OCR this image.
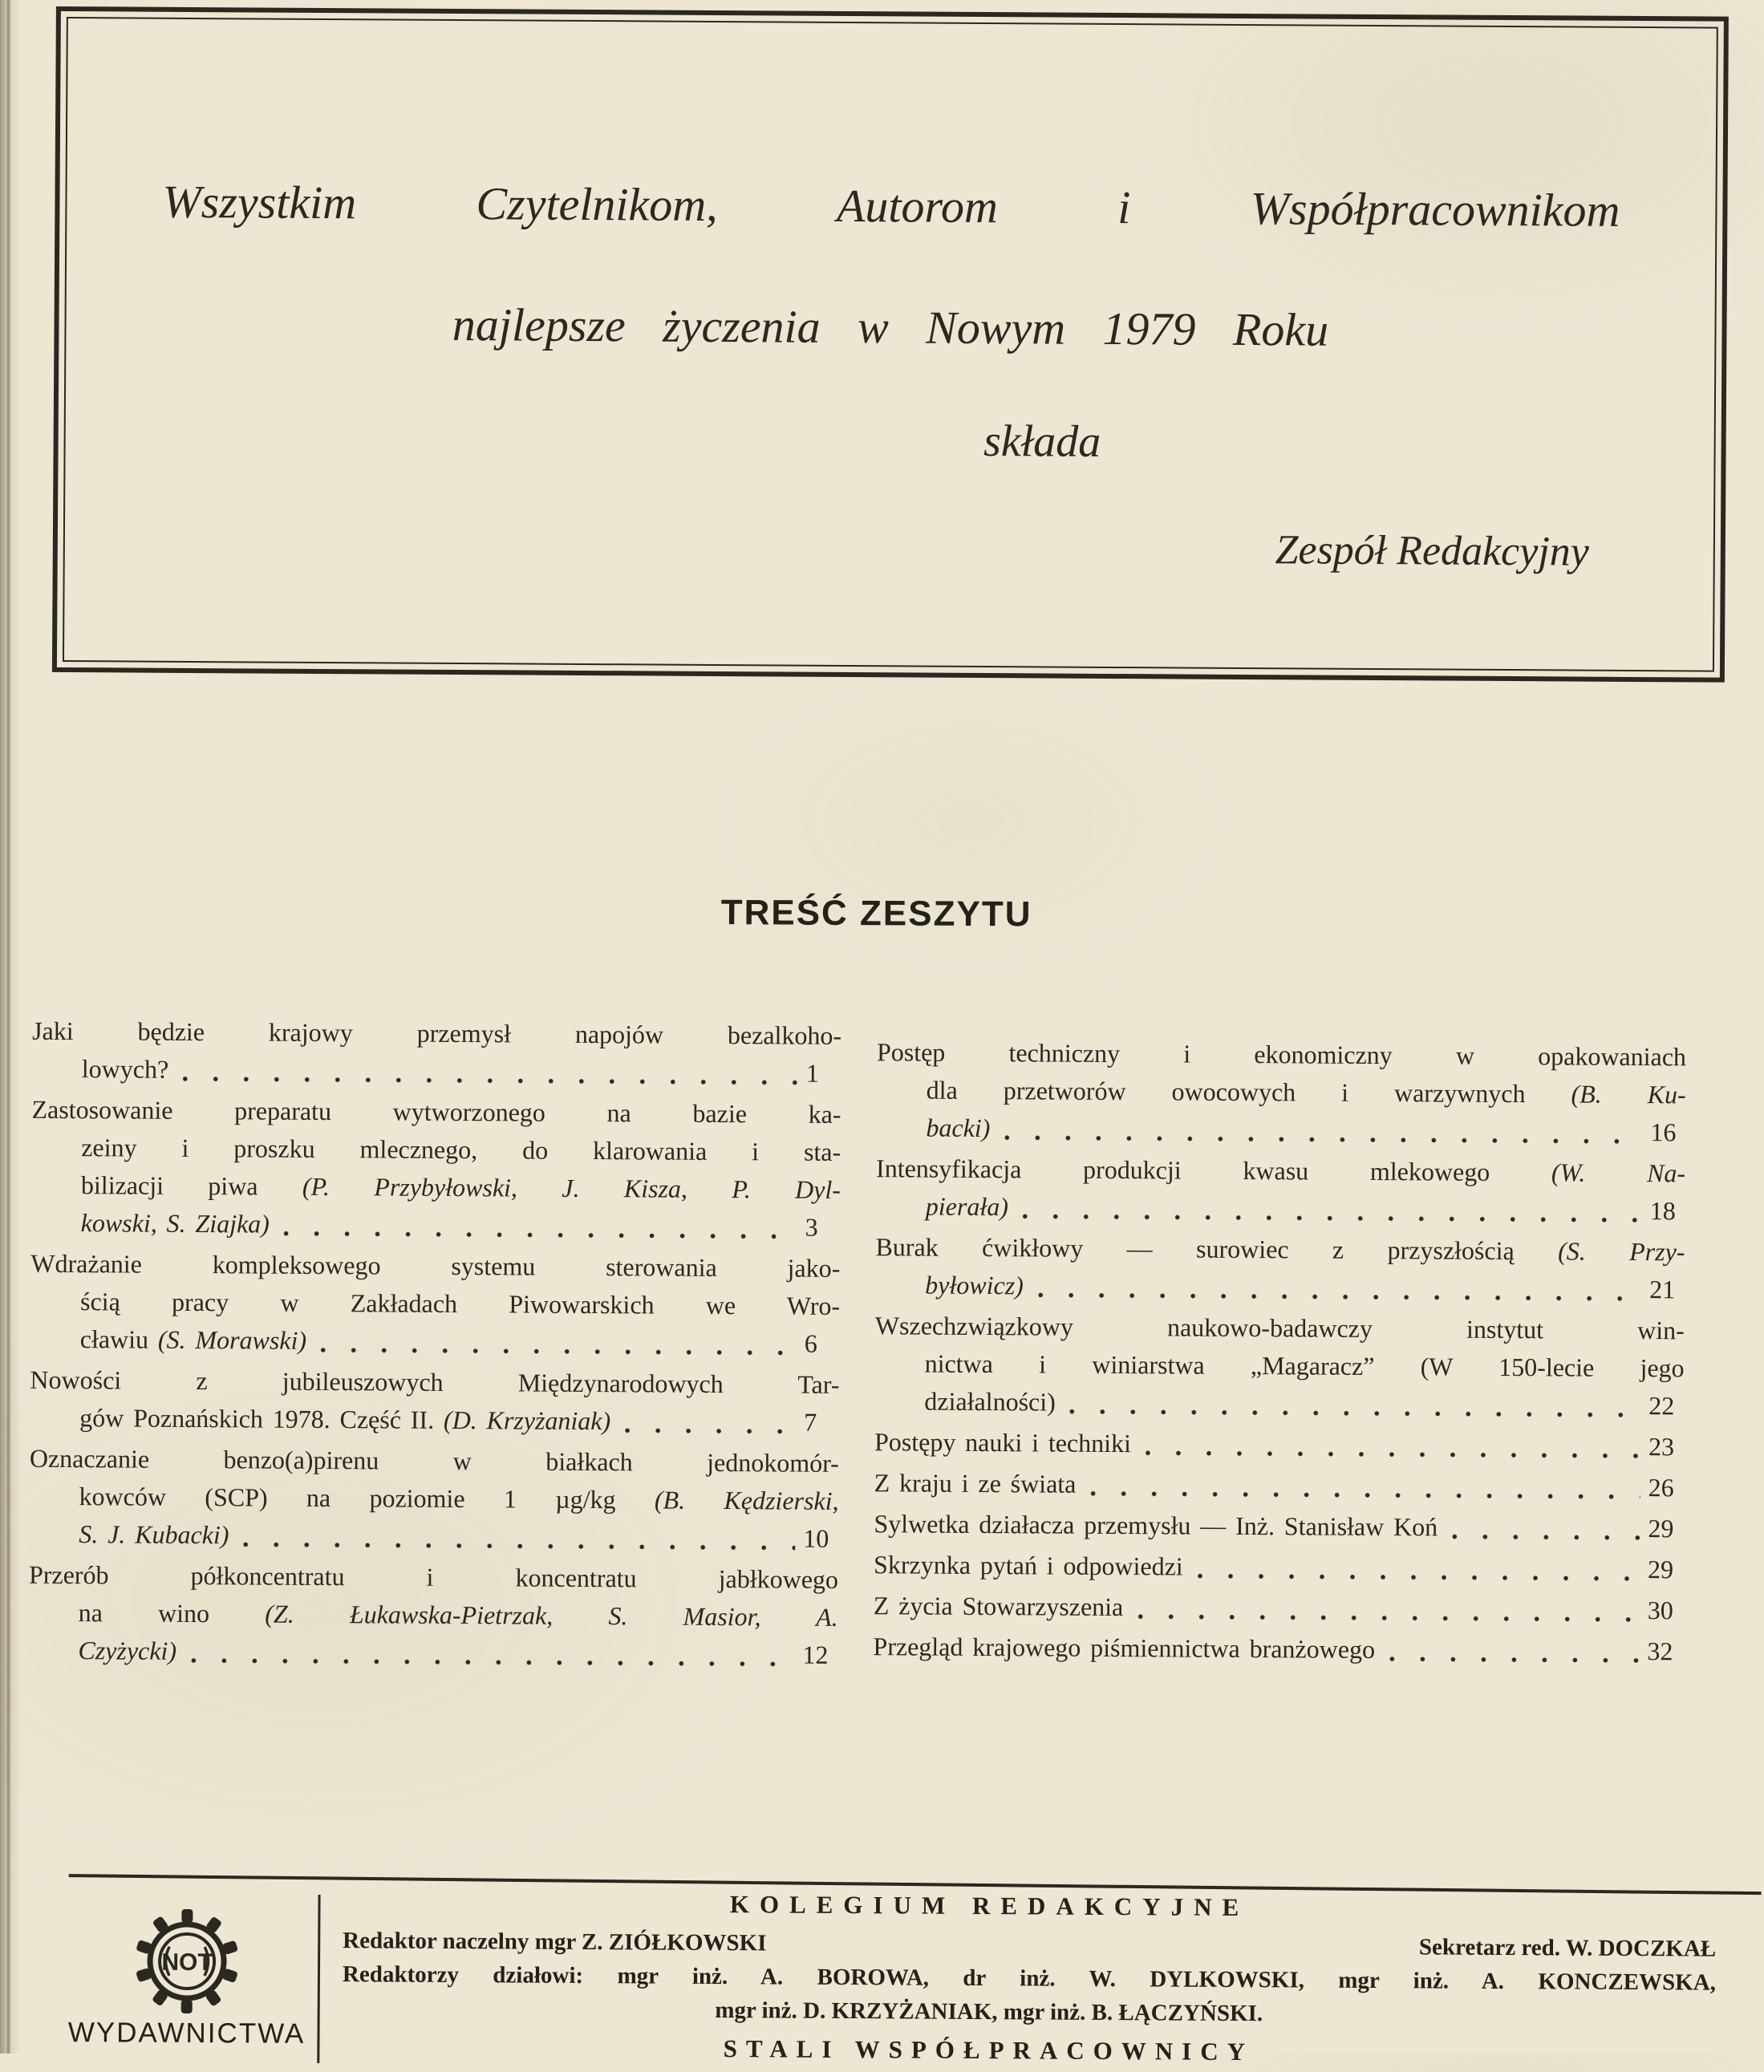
Wszystkim Czytelnikom, Autorom i Współpracownikom
najlepsze życzenia w Nowym 1979 Roku
składa
Zespół Redakcyjny
TREŚĆ ZESZYTU
Jaki będzie krajowy przemysł napojów bezalkoho-
lowych?	1
Zastosowanie preparatu wytworzonego na bazie ka-
zeiny i proszku mlecznego, do klarowania i sta-
bilizacji piwa (P. Przybyłowski, J. Kisza, P. Dyl-
kowski, S. Ziajka)	3
Wdrażanie kompleksowego systemu sterowania jako-
ścią pracy w Zakładach Piwowarskich we Wro-
cławiu (S. Morawski)	6
Nowości z jubileuszowych Międzynarodowych Tar-
gów Poznańskich 1978. Część II. (D. Krzyżaniak)	7
Oznaczanie benzo(a)pirenu w białkach jednokomór-
kowców (SCP) na poziomie 1 µg/kg (B. Kędzierski,
S. J. Kubacki)	10
Przerób półkoncentratu i koncentratu jabłkowego
na wino (Z. Łukawska-Pietrzak, S. Masior, A.
Czyżycki)	12
Postęp techniczny i ekonomiczny w opakowaniach
dla przetworów owocowych i warzywnych (B. Ku-
backi)	16
Intensyfikacja produkcji kwasu mlekowego (W. Na-
pierała)	18
Burak ćwikłowy — surowiec z przyszłością (S. Przy-
byłowicz)	21
Wszechzwiązkowy naukowo-badawczy instytut win-
nictwa i winiarstwa „Magaracz” (W 150-lecie jego
działalności)	22
Postępy nauki i techniki	23
Z kraju i ze świata	26
Sylwetka działacza przemysłu — Inż. Stanisław Koń	29
Skrzynka pytań i odpowiedzi	29
Z życia Stowarzyszenia	30
Przegląd krajowego piśmiennictwa branżowego	32
NOT
WYDAWNICTWA
KOLEGIUM REDAKCYJNE
Redaktor naczelny mgr Z. ZIÓŁKOWSKI	Sekretarz red. W. DOCZKAŁ
Redaktorzy działowi: mgr inż. A. BOROWA, dr inż. W. DYLKOWSKI, mgr inż. A. KONCZEWSKA,
mgr inż. D. KRZYŻANIAK, mgr inż. B. ŁĄCZYŃSKI.
STALI WSPÓŁPRACOWNICY
